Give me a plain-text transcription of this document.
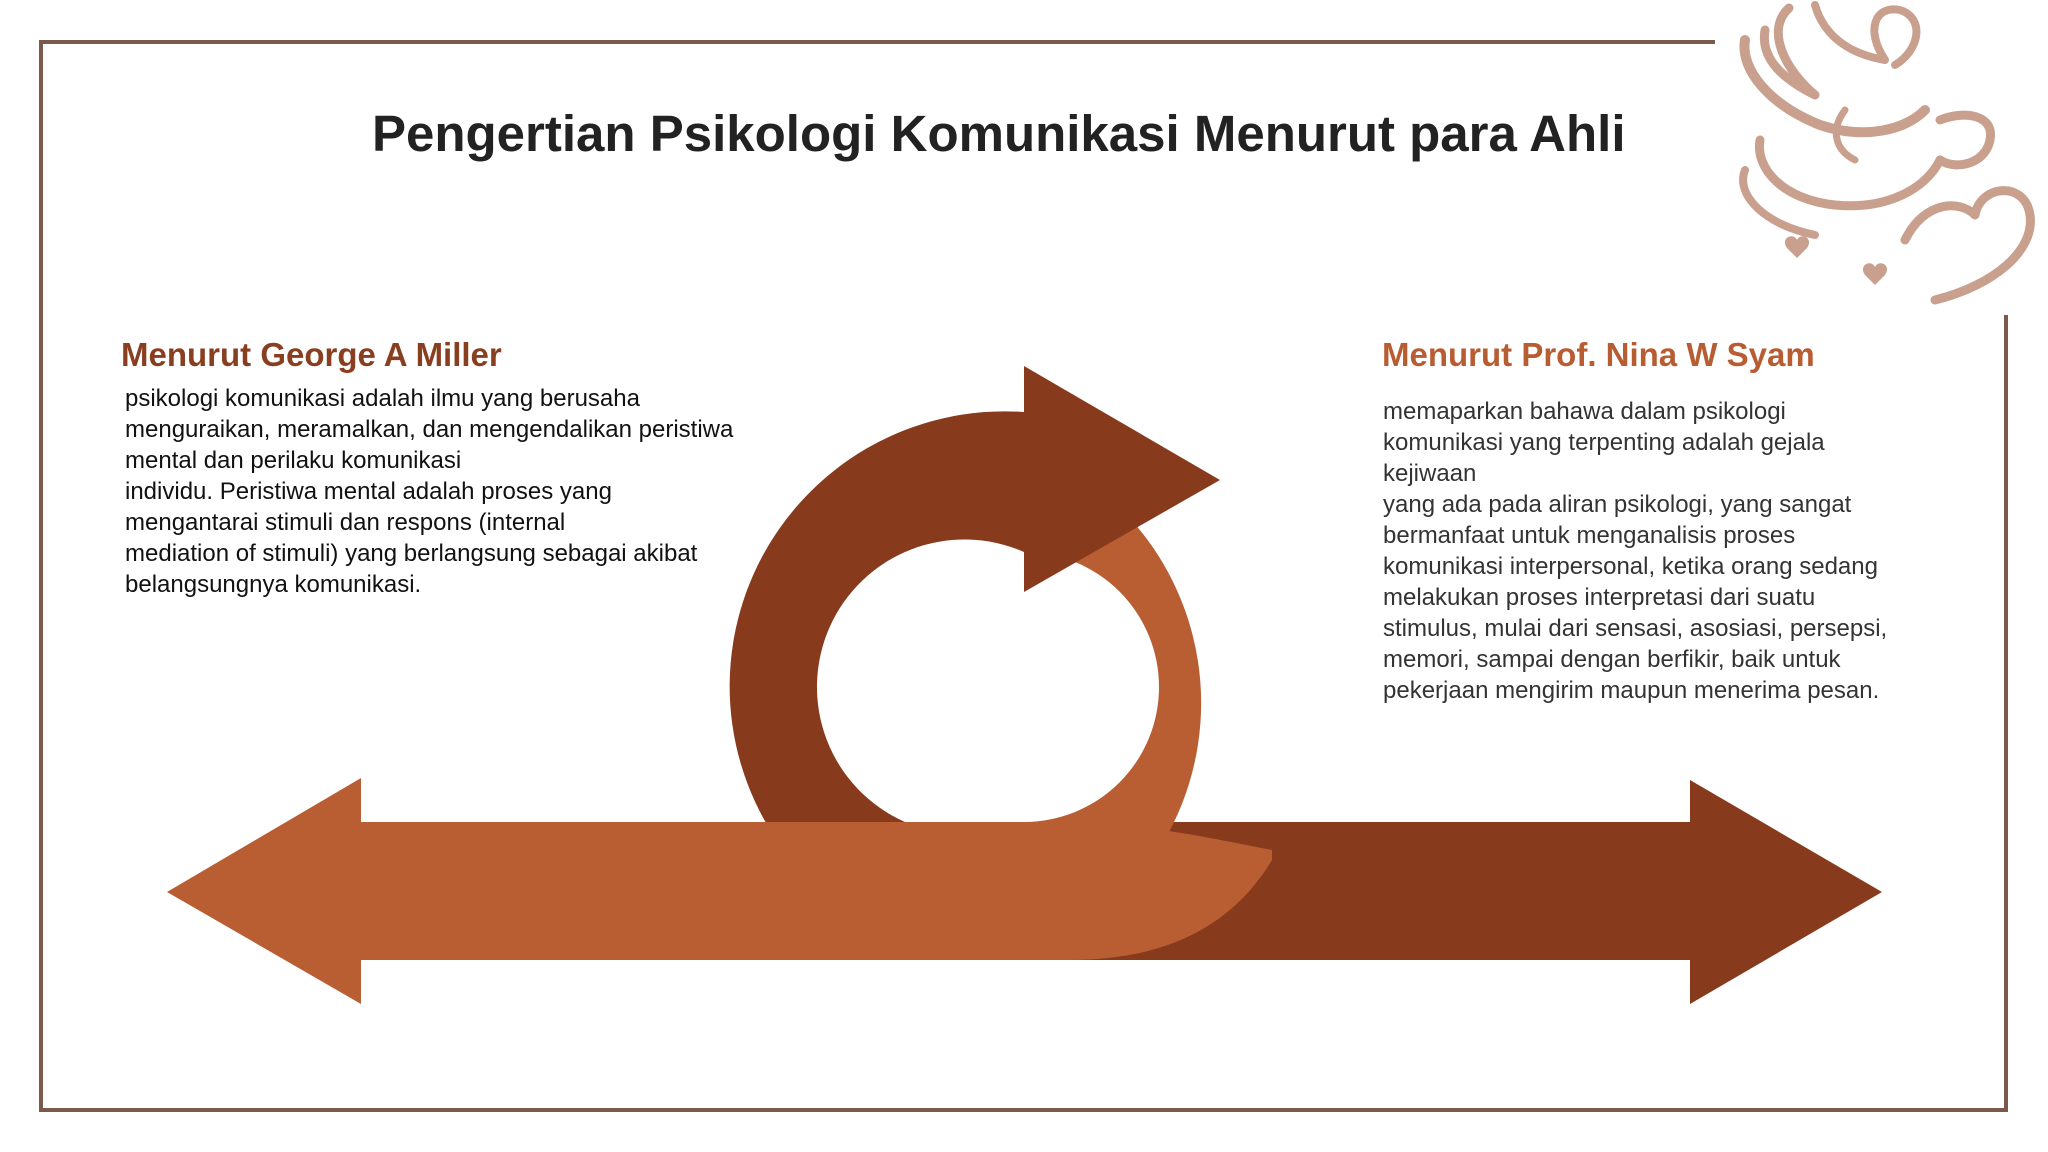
Pengertian Psikologi Komunikasi Menurut para Ahli
Menurut George A Miller
psikologi komunikasi adalah ilmu yang berusaha
menguraikan, meramalkan, dan mengendalikan peristiwa
mental dan perilaku komunikasi
individu. Peristiwa mental adalah proses yang
mengantarai stimuli dan respons (internal
mediation of stimuli) yang berlangsung sebagai akibat
belangsungnya komunikasi.
Menurut Prof. Nina W Syam
memaparkan bahawa dalam psikologi
komunikasi yang terpenting adalah gejala
kejiwaan
yang ada pada aliran psikologi, yang sangat
bermanfaat untuk menganalisis proses
komunikasi interpersonal, ketika orang sedang
melakukan proses interpretasi dari suatu
stimulus, mulai dari sensasi, asosiasi, persepsi,
memori, sampai dengan berfikir, baik untuk
pekerjaan mengirim maupun menerima pesan.
